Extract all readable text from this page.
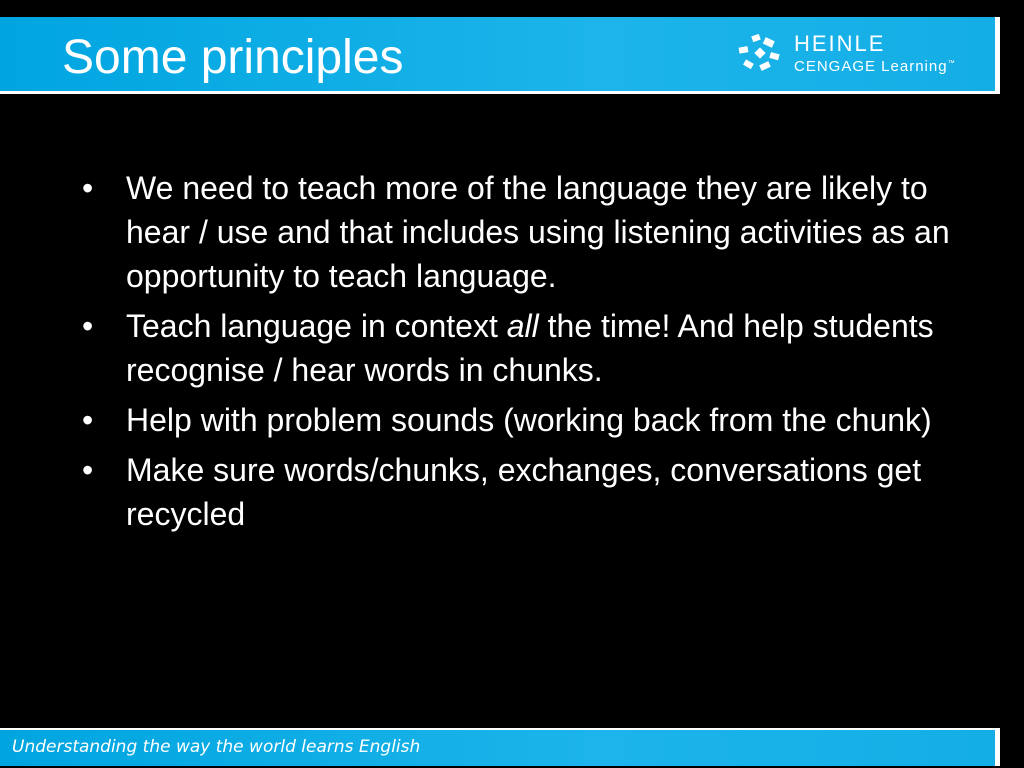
Some principles	HEINLE
CENGAGE Learning™
• We need to teach more of the language they are likely to hear / use and that includes using listening activities as an opportunity to teach language.
• Teach language in context all the time! And help students recognise / hear words in chunks.
• Help with problem sounds (working back from the chunk)
• Make sure words/chunks, exchanges, conversations get recycled
Understanding the way the world learns English
